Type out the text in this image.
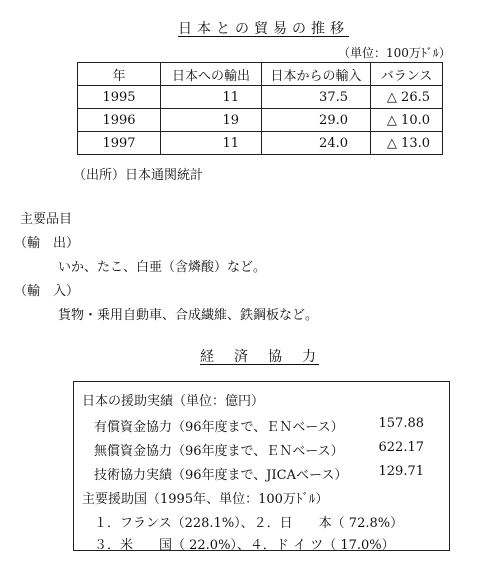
日本との貿易の推移
（単位：100万ﾄﾞﾙ）
年	日本への輸出	日本からの輸入	バランス
1995	11	37.5	△ 26.5
1996	19	29.0	△ 10.0
1997	11	24.0	△ 13.0
（出所）日本通関統計
主要品目
（輸　出）
いか、たこ、白亜（含燐酸）など。
（輸　入）
貨物・乗用自動車、合成繊維、鉄鋼板など。
経　済　協　力
日本の援助実績（単位：億円）
有償資金協力（96年度まで、ＥＮベース）	157.88
無償資金協力（96年度まで、ＥＮベース）	622.17
技術協力実績（96年度まで、JICAベース）	129.71
主要援助国（1995年、単位：100万ﾄﾞﾙ）
１．フランス（228.1%）、２．日　　本（ 72.8%）
３．米　　国（ 22.0%）、４．ド イ ツ（ 17.0%）
